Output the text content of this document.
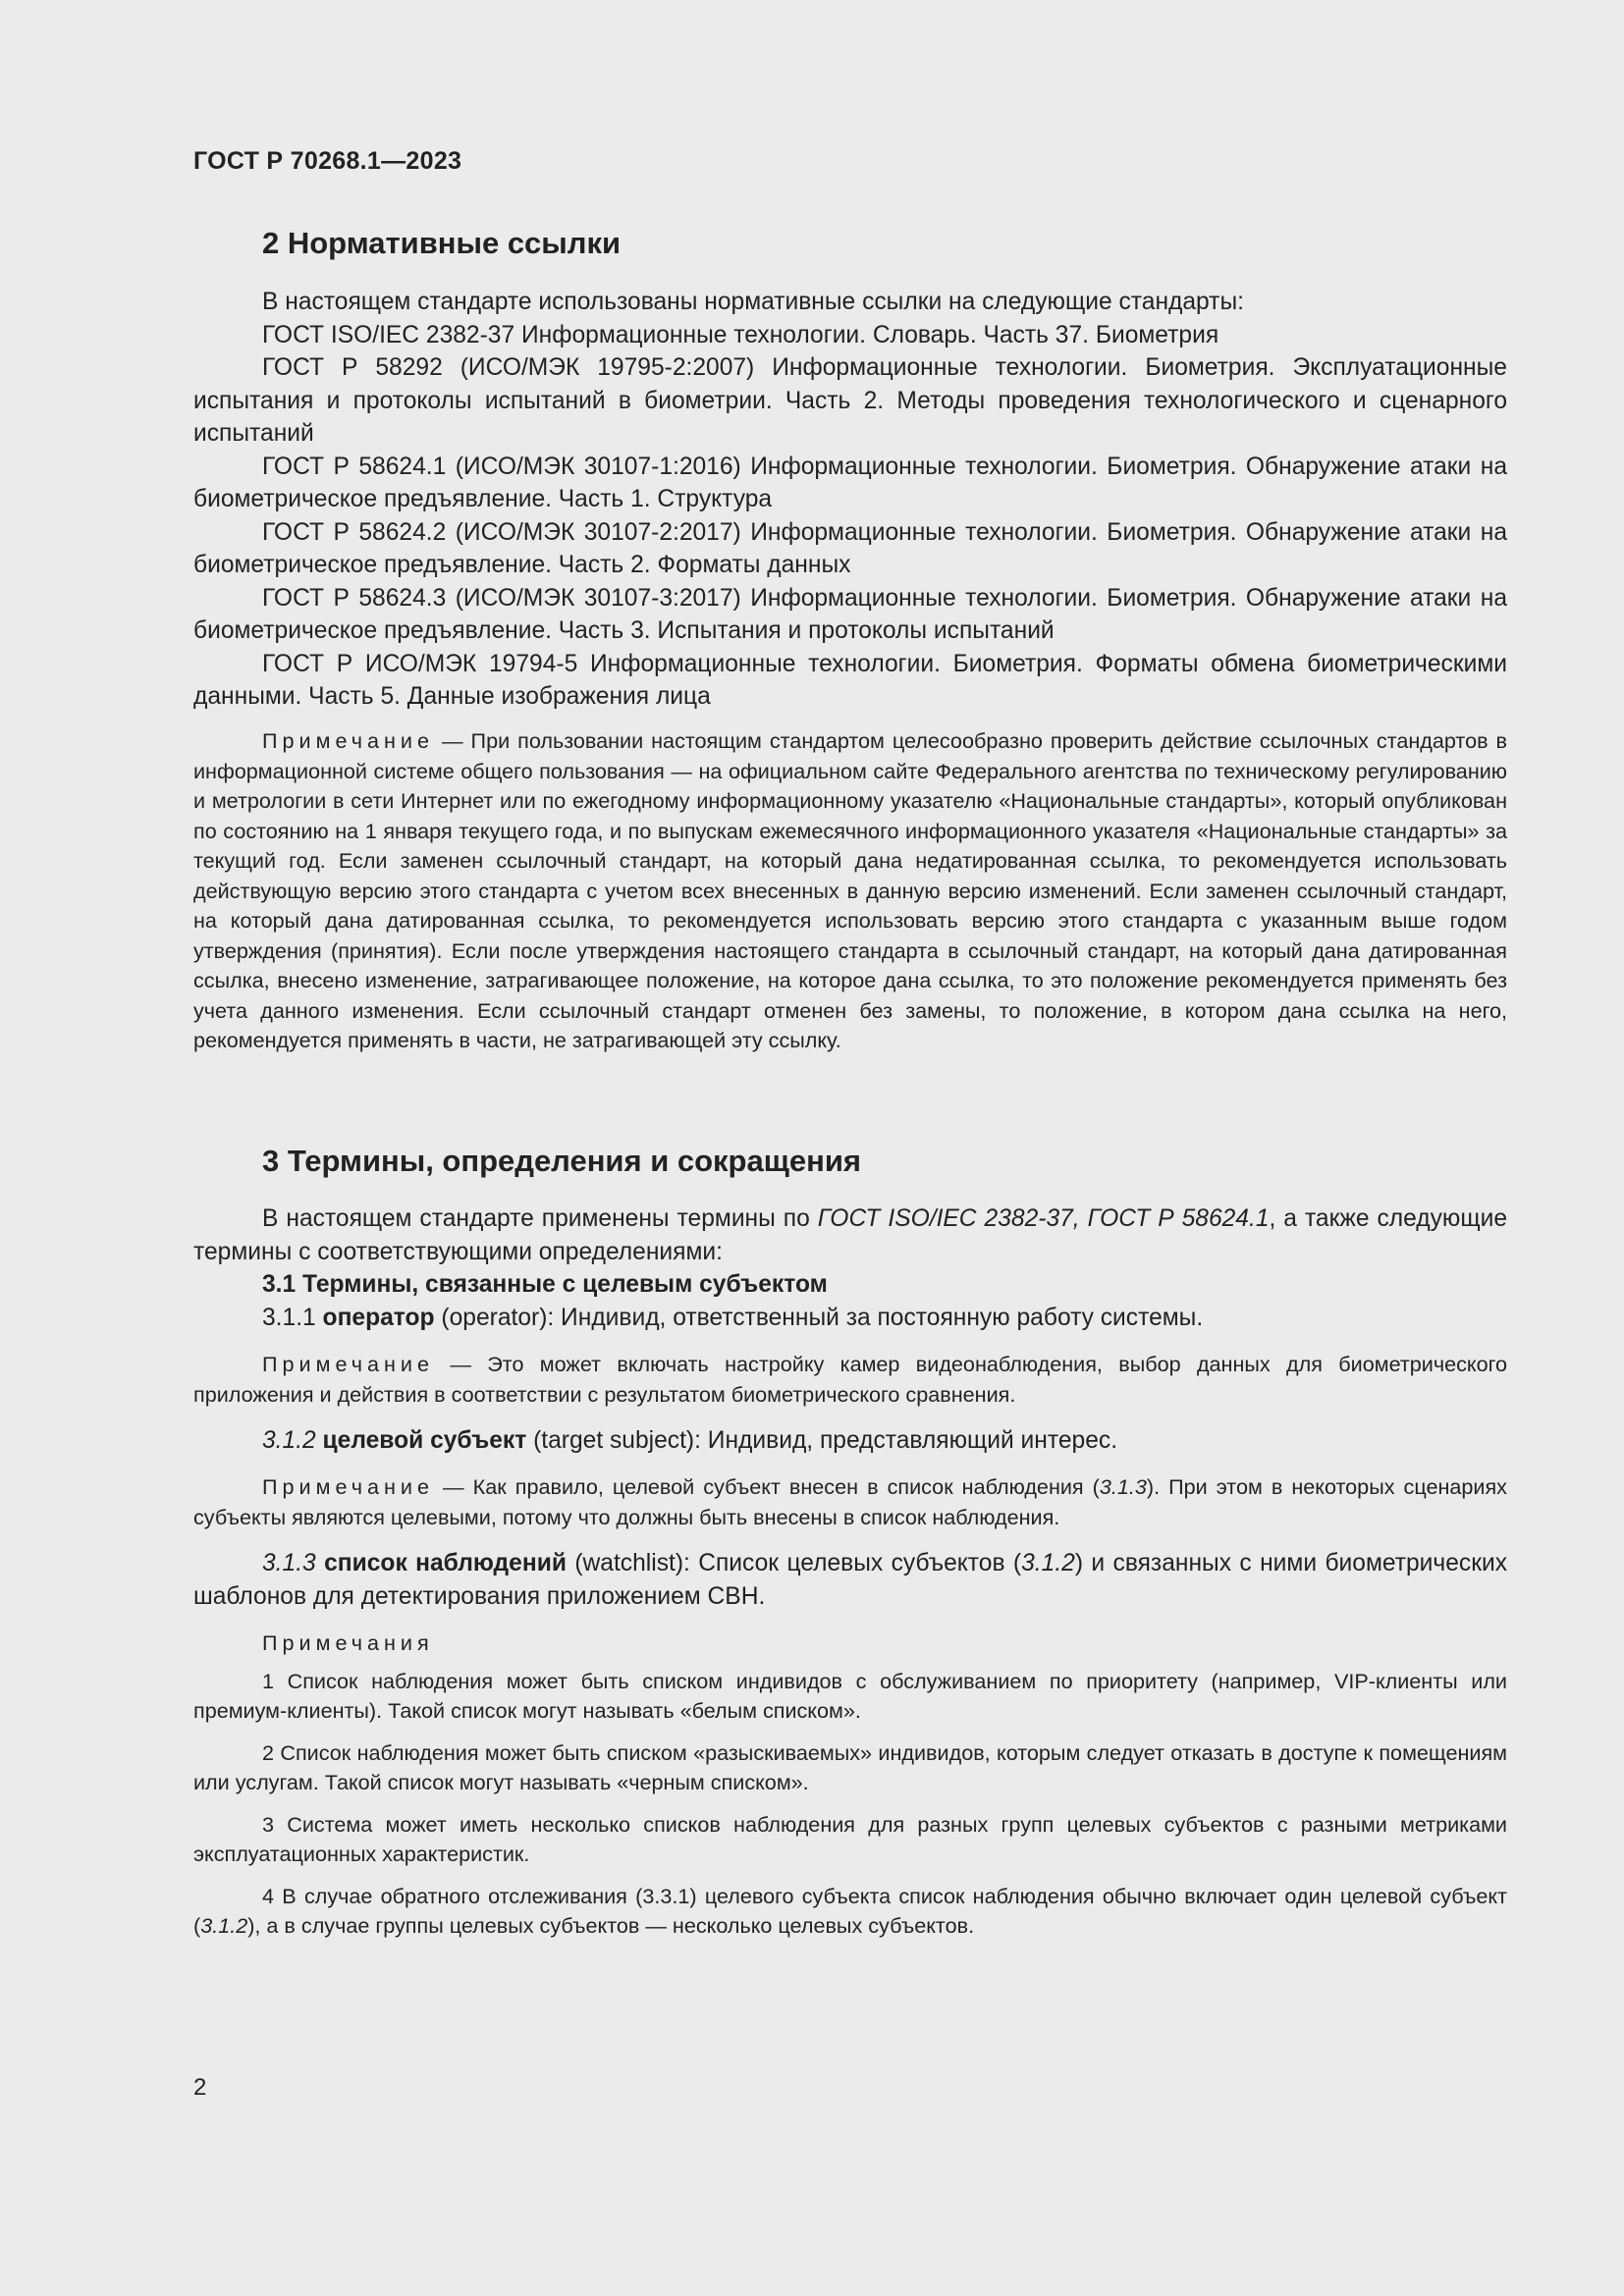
ГОСТ Р 70268.1—2023
2 Нормативные ссылки

В настоящем стандарте использованы нормативные ссылки на следующие стандарты:

ГОСТ ISO/IEC 2382-37 Информационные технологии. Словарь. Часть 37. Биометрия

ГОСТ Р 58292 (ИСО/МЭК 19795-2:2007) Информационные технологии. Биометрия. Эксплуатационные испытания и протоколы испытаний в биометрии. Часть 2. Методы проведения технологического и сценарного испытаний

ГОСТ Р 58624.1 (ИСО/МЭК 30107-1:2016) Информационные технологии. Биометрия. Обнаружение атаки на биометрическое предъявление. Часть 1. Структура

ГОСТ Р 58624.2 (ИСО/МЭК 30107-2:2017) Информационные технологии. Биометрия. Обнаружение атаки на биометрическое предъявление. Часть 2. Форматы данных

ГОСТ Р 58624.3 (ИСО/МЭК 30107-3:2017) Информационные технологии. Биометрия. Обнаружение атаки на биометрическое предъявление. Часть 3. Испытания и протоколы испытаний

ГОСТ Р ИСО/МЭК 19794-5 Информационные технологии. Биометрия. Форматы обмена биометрическими данными. Часть 5. Данные изображения лица

Примечание — При пользовании настоящим стандартом целесообразно проверить действие ссылочных стандартов в информационной системе общего пользования — на официальном сайте Федерального агентства по техническому регулированию и метрологии в сети Интернет или по ежегодному информационному указателю «Национальные стандарты», который опубликован по состоянию на 1 января текущего года, и по выпускам ежемесячного информационного указателя «Национальные стандарты» за текущий год. Если заменен ссылочный стандарт, на который дана недатированная ссылка, то рекомендуется использовать действующую версию этого стандарта с учетом всех внесенных в данную версию изменений. Если заменен ссылочный стандарт, на который дана датированная ссылка, то рекомендуется использовать версию этого стандарта с указанным выше годом утверждения (принятия). Если после утверждения настоящего стандарта в ссылочный стандарт, на который дана датированная ссылка, внесено изменение, затрагивающее положение, на которое дана ссылка, то это положение рекомендуется применять без учета данного изменения. Если ссылочный стандарт отменен без замены, то положение, в котором дана ссылка на него, рекомендуется применять в части, не затрагивающей эту ссылку.

3 Термины, определения и сокращения

В настоящем стандарте применены термины по ГОСТ ISO/IEC 2382-37, ГОСТ Р 58624.1, а также следующие термины с соответствующими определениями:

3.1 Термины, связанные с целевым субъектом

3.1.1 оператор (operator): Индивид, ответственный за постоянную работу системы.

Примечание — Это может включать настройку камер видеонаблюдения, выбор данных для биометрического приложения и действия в соответствии с результатом биометрического сравнения.

3.1.2 целевой субъект (target subject): Индивид, представляющий интерес.

Примечание — Как правило, целевой субъект внесен в список наблюдения (3.1.3). При этом в некоторых сценариях субъекты являются целевыми, потому что должны быть внесены в список наблюдения.

3.1.3 список наблюдений (watchlist): Список целевых субъектов (3.1.2) и связанных с ними биометрических шаблонов для детектирования приложением СВН.

Примечания

1 Список наблюдения может быть списком индивидов с обслуживанием по приоритету (например, VIP-клиенты или премиум-клиенты). Такой список могут называть «белым списком».

2 Список наблюдения может быть списком «разыскиваемых» индивидов, которым следует отказать в доступе к помещениям или услугам. Такой список могут называть «черным списком».

3 Система может иметь несколько списков наблюдения для разных групп целевых субъектов с разными метриками эксплуатационных характеристик.

4 В случае обратного отслеживания (3.3.1) целевого субъекта список наблюдения обычно включает один целевой субъект (3.1.2), а в случае группы целевых субъектов — несколько целевых субъектов.

2
